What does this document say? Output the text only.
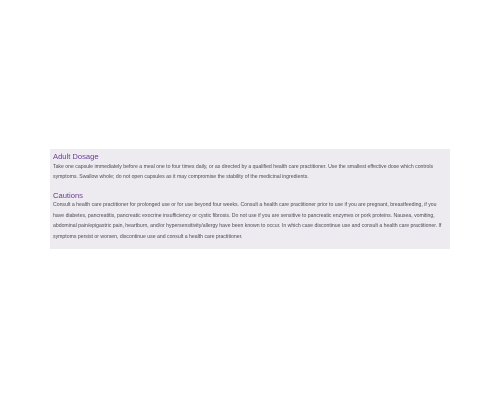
Adult Dosage

Take one capsule immediately before a meal one to four times daily, or as directed by a qualified health care practitioner. Use the smallest effective dose which controls symptoms. Swallow whole; do not open capsules as it may compromise the stability of the medicinal ingredients.

Cautions

Consult a health care practitioner for prolonged use or for use beyond four weeks. Consult a health care practitioner prior to use if you are pregnant, breastfeeding, if you have diabetes, pancreatitis, pancreatic exocrine insufficiency or cystic fibrosis. Do not use if you are sensitive to pancreatic enzymes or pork proteins. Nausea, vomiting, abdominal pain/epigastric pain, heartburn, and/or hypersensitivity/allergy have been known to occur. In which case discontinue use and consult a health care practitioner. If symptoms persist or worsen, discontinue use and consult a health care practitioner.
